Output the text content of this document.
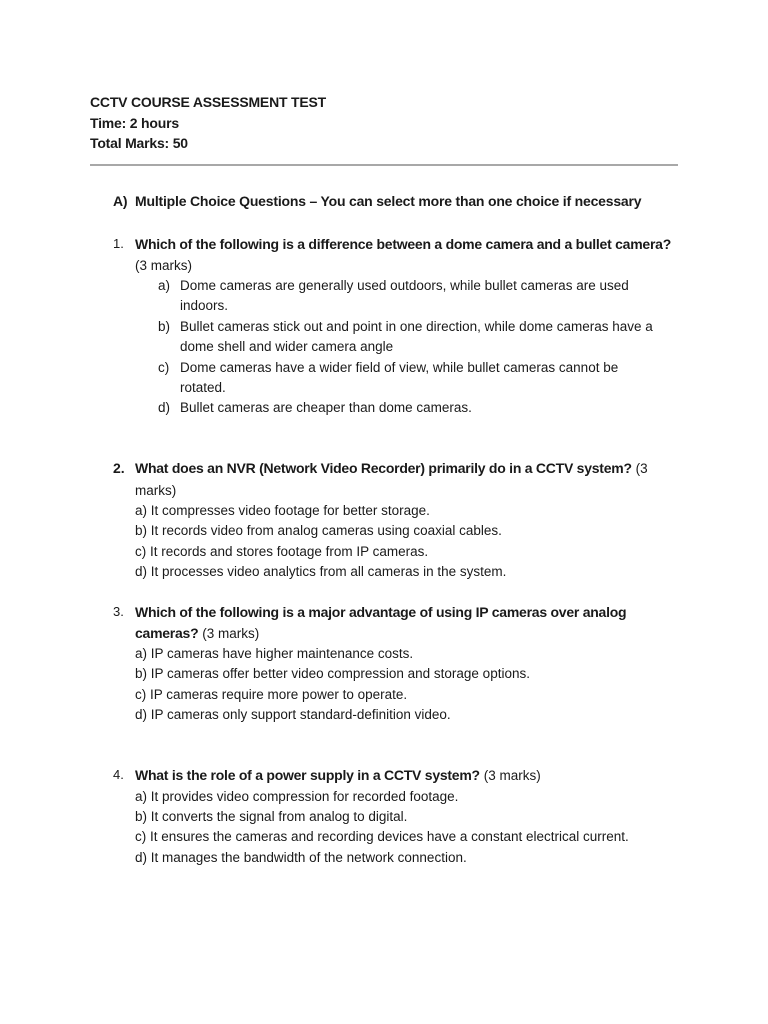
CCTV COURSE ASSESSMENT TEST
Time: 2 hours
Total Marks: 50
A) Multiple Choice Questions – You can select more than one choice if necessary
1. Which of the following is a difference between a dome camera and a bullet camera? (3 marks)
a) Dome cameras are generally used outdoors, while bullet cameras are used indoors.
b) Bullet cameras stick out and point in one direction, while dome cameras have a dome shell and wider camera angle
c) Dome cameras have a wider field of view, while bullet cameras cannot be rotated.
d) Bullet cameras are cheaper than dome cameras.
2. What does an NVR (Network Video Recorder) primarily do in a CCTV system? (3 marks)
a) It compresses video footage for better storage.
b) It records video from analog cameras using coaxial cables.
c) It records and stores footage from IP cameras.
d) It processes video analytics from all cameras in the system.
3. Which of the following is a major advantage of using IP cameras over analog cameras? (3 marks)
a) IP cameras have higher maintenance costs.
b) IP cameras offer better video compression and storage options.
c) IP cameras require more power to operate.
d) IP cameras only support standard-definition video.
4. What is the role of a power supply in a CCTV system? (3 marks)
a) It provides video compression for recorded footage.
b) It converts the signal from analog to digital.
c) It ensures the cameras and recording devices have a constant electrical current.
d) It manages the bandwidth of the network connection.
